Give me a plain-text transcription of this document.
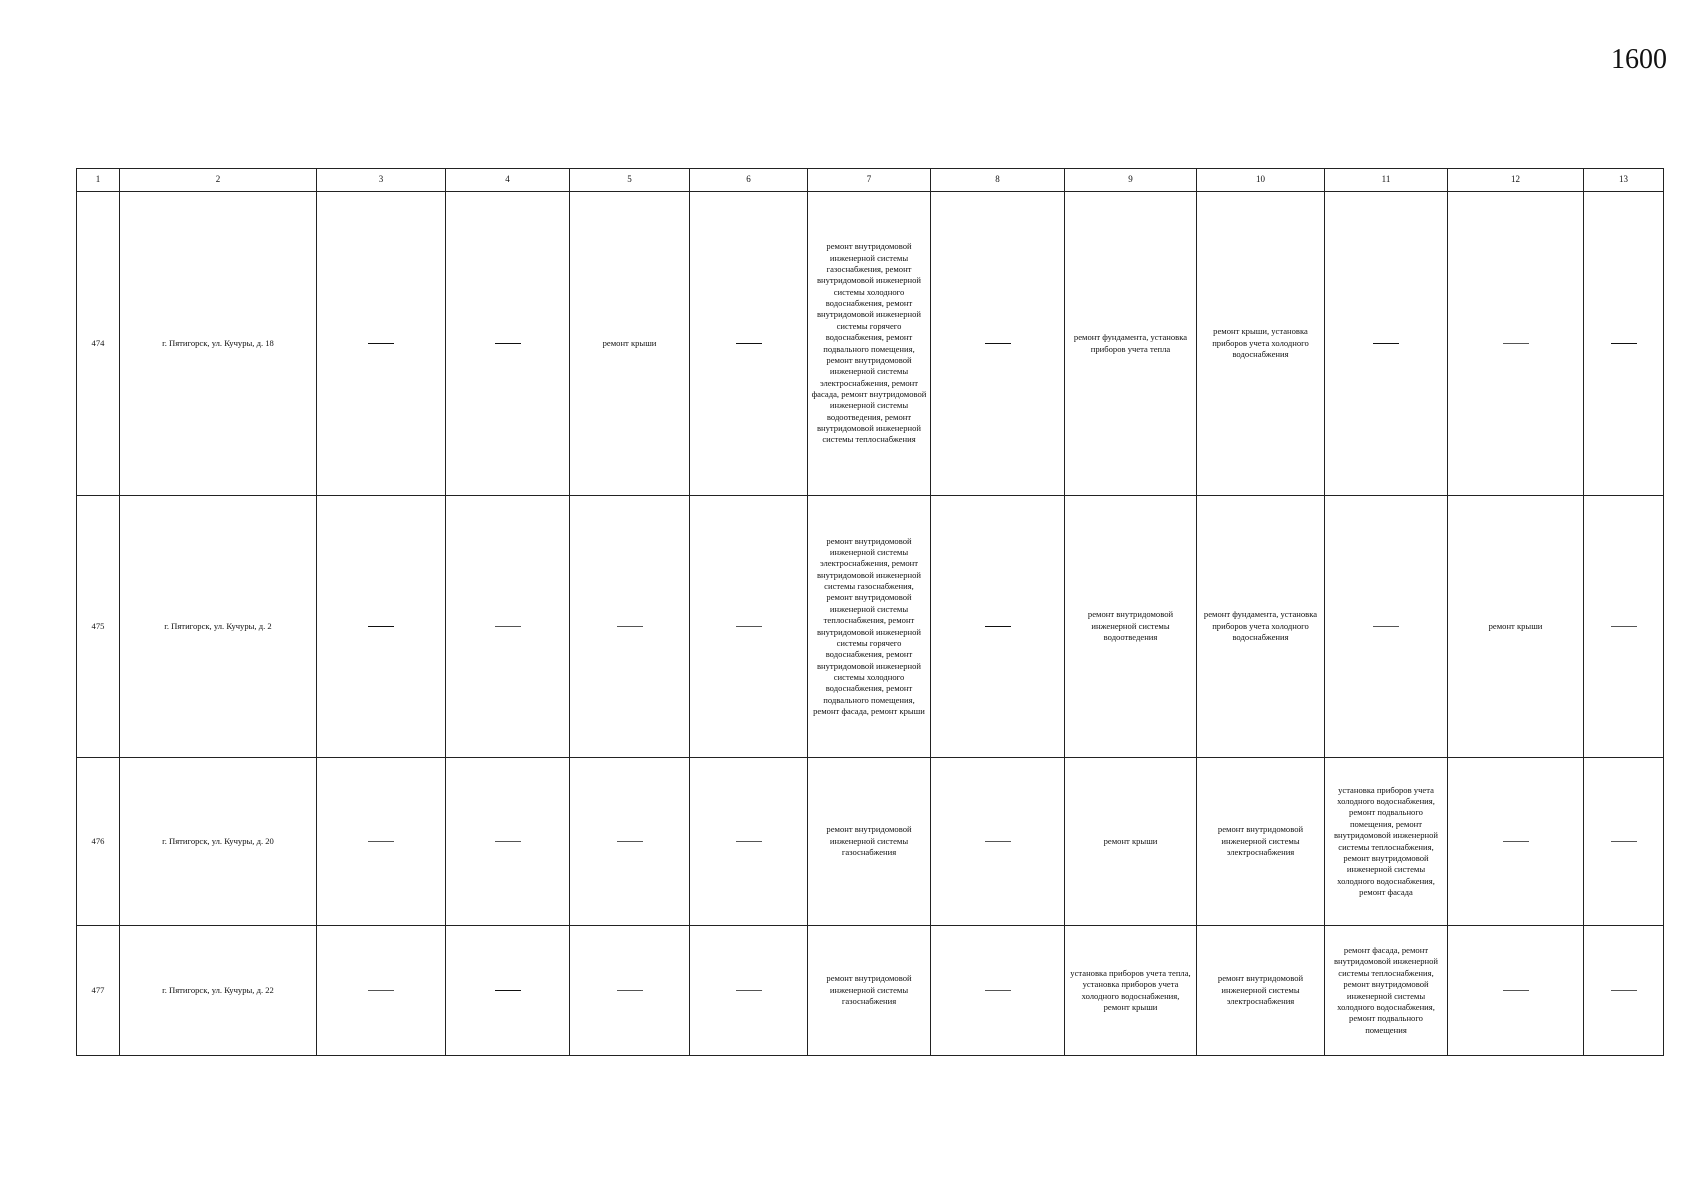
1600
1	2	3	4	5	6	7	8	9	10	11	12	13
474	г. Пятигорск, ул. Кучуры, д. 18			ремонт крыши		ремонт внутридомовой инженерной системы газоснабжения, ремонт внутридомовой инженерной системы холодного водоснабжения, ремонт внутридомовой инженерной системы горячего водоснабжения, ремонт подвального помещения, ремонт внутридомовой инженерной системы электроснабжения, ремонт фасада, ремонт внутридомовой инженерной системы водоотведения, ремонт внутридомовой инженерной системы теплоснабжения		ремонт фундамента, установка приборов учета тепла	ремонт крыши, установка приборов учета холодного водоснабжения			
475	г. Пятигорск, ул. Кучуры, д. 2					ремонт внутридомовой инженерной системы электроснабжения, ремонт внутридомовой инженерной системы газоснабжения, ремонт внутридомовой инженерной системы теплоснабжения, ремонт внутридомовой инженерной системы горячего водоснабжения, ремонт внутридомовой инженерной системы холодного водоснабжения, ремонт подвального помещения, ремонт фасада, ремонт крыши		ремонт внутридомовой инженерной системы водоотведения	ремонт фундамента, установка приборов учета холодного водоснабжения		ремонт крыши	
476	г. Пятигорск, ул. Кучуры, д. 20					ремонт внутридомовой инженерной системы газоснабжения		ремонт крыши	ремонт внутридомовой инженерной системы электроснабжения	установка приборов учета холодного водоснабжения, ремонт подвального помещения, ремонт внутридомовой инженерной системы теплоснабжения, ремонт внутридомовой инженерной системы холодного водоснабжения, ремонт фасада		
477	г. Пятигорск, ул. Кучуры, д. 22					ремонт внутридомовой инженерной системы газоснабжения		установка приборов учета тепла, установка приборов учета холодного водоснабжения, ремонт крыши	ремонт внутридомовой инженерной системы электроснабжения	ремонт фасада, ремонт внутридомовой инженерной системы теплоснабжения, ремонт внутридомовой инженерной системы холодного водоснабжения, ремонт подвального помещения		
